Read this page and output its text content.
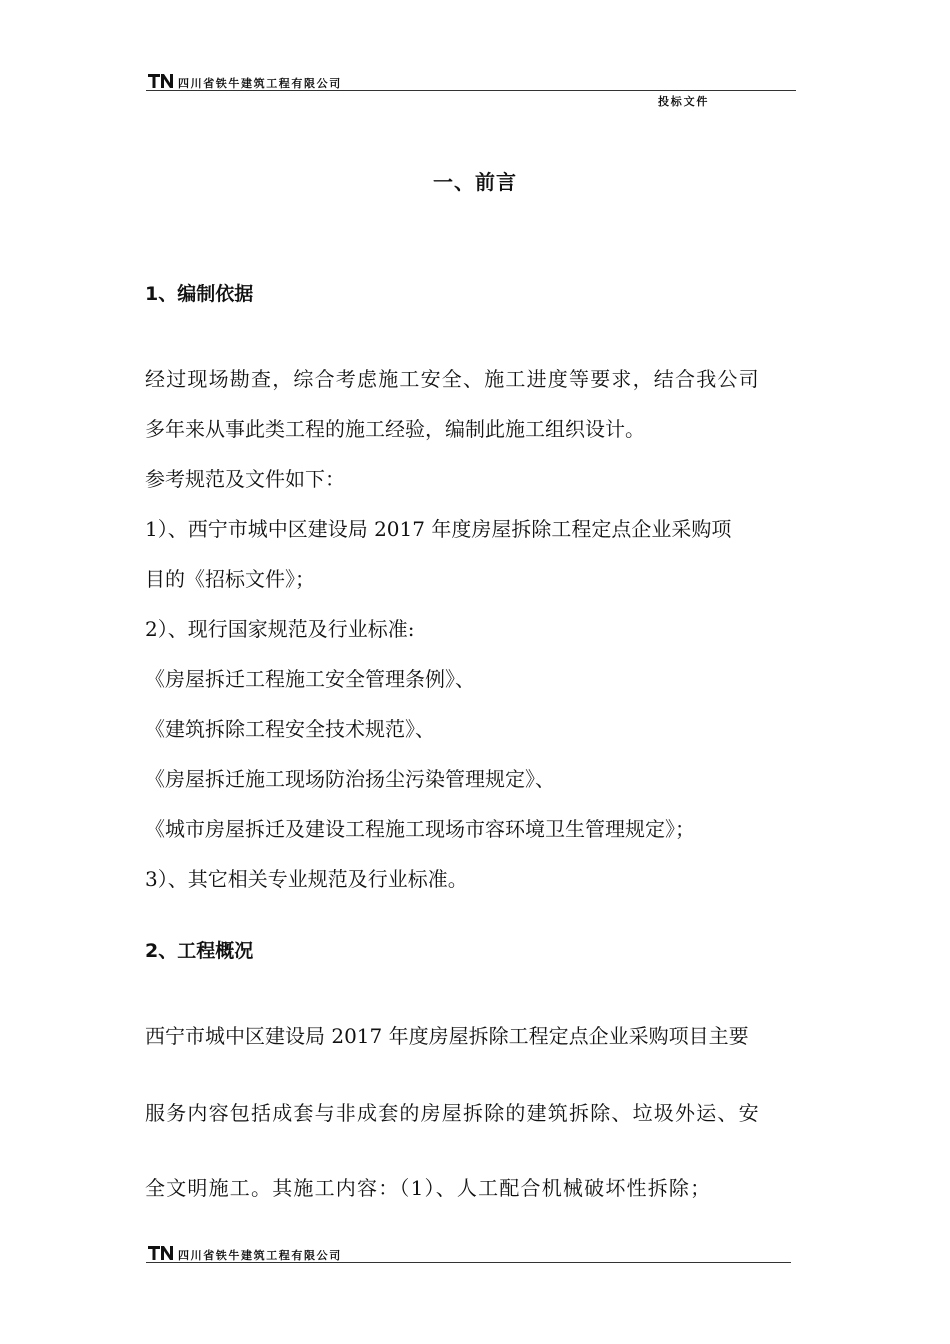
四川省铁牛建筑工程有限公司
投标文件
一、前言
1、编制依据
经过现场勘查，综合考虑施工安全、施工进度等要求，结合我公司
多年来从事此类工程的施工经验，编制此施工组织设计。
参考规范及文件如下：
1）、西宁市城中区建设局 2017 年度房屋拆除工程定点企业采购项
目的《招标文件》；
2）、现行国家规范及行业标准:
《房屋拆迁工程施工安全管理条例》、
《建筑拆除工程安全技术规范》、
《房屋拆迁施工现场防治扬尘污染管理规定》、
《城市房屋拆迁及建设工程施工现场市容环境卫生管理规定》；
3）、其它相关专业规范及行业标准。
2、工程概况
西宁市城中区建设局 2017 年度房屋拆除工程定点企业采购项目主要
服务内容包括成套与非成套的房屋拆除的建筑拆除、垃圾外运、安
全文明施工。其施工内容：（1）、人工配合机械破坏性拆除；
四川省铁牛建筑工程有限公司
